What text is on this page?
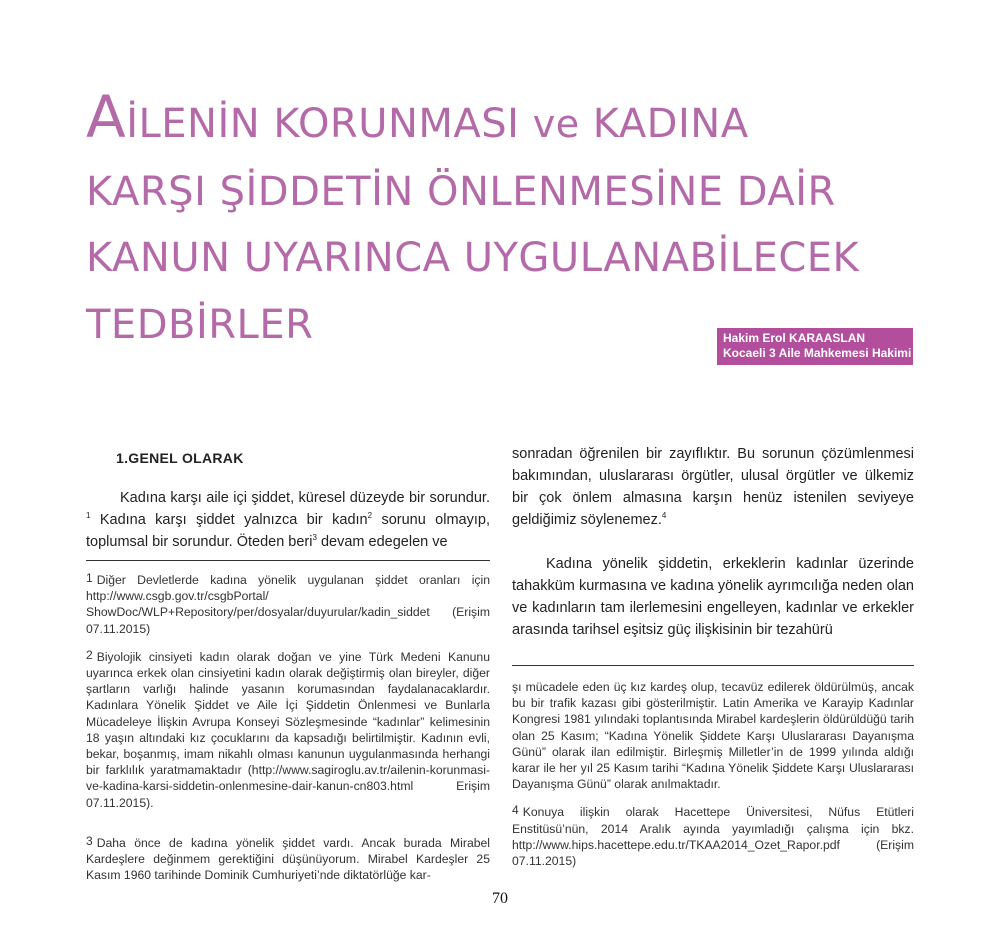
AİLENİN KORUNMASI ve KADINA
KARŞI ŞİDDETİN ÖNLENMESİNE DAİR
KANUN UYARINCA UYGULANABİLECEK
TEDBİRLER	Hakim Erol KARAASLAN
Kocaeli 3 Aile Mahkemesi Hakimi
1.GENEL OLARAK

Kadına karşı aile içi şiddet, küresel düzeyde bir sorundur. $^1$ Kadına karşı şiddet yalnızca bir kadın$^2$ sorunu olmayıp, toplumsal bir sorundur. Öteden beri$^3$ devam edegelen ve

1 Diğer Devletlerde kadına yönelik uygulanan şiddet oranları için http://www.csgb.gov.tr/csgbPortal/ ShowDoc/WLP+Repository/per/dosyalar/duyurular/kadin_siddet (Erişim 07.11.2015)

2 Biyolojik cinsiyeti kadın olarak doğan ve yine Türk Medeni Kanunu uyarınca erkek olan cinsiyetini kadın olarak değiştirmiş olan bireyler, diğer şartların varlığı halinde yasanın korumasından faydalanacaklardır. Kadınlara Yönelik Şiddet ve Aile İçi Şiddetin Önlenmesi ve Bunlarla Mücadeleye İlişkin Avrupa Konseyi Sözleşmesinde “kadınlar” kelimesinin 18 yaşın altındaki kız çocuklarını da kapsadığı belirtilmiştir. Kadının evli, bekar, boşanmış, imam nikahlı olması kanunun uygulanmasında herhangi bir farklılık yaratmamaktadır (http://www.sagiroglu.av.tr/ailenin-korunmasi-ve-kadina-karsi-siddetin-onlenmesine-dair-kanun-cn803.html Erişim 07.11.2015).

3 Daha önce de kadına yönelik şiddet vardı. Ancak burada Mirabel Kardeşlere değinmem gerektiğini düşünüyorum. Mirabel Kardeşler 25 Kasım 1960 tarihinde Dominik Cumhuriyeti’nde diktatörlüğe kar-

sonradan öğrenilen bir zayıflıktır. Bu sorunun çözümlenmesi bakımından, uluslararası örgütler, ulusal örgütler ve ülkemiz bir çok önlem almasına karşın henüz istenilen seviyeye geldiğimiz söylenemez.$^4$

Kadına yönelik şiddetin, erkeklerin kadınlar üzerinde tahakküm kurmasına ve kadına yönelik ayrımcılığa neden olan ve kadınların tam ilerlemesini engelleyen, kadınlar ve erkekler arasında tarihsel eşitsiz güç ilişkisinin bir tezahürü

şı mücadele eden üç kız kardeş olup, tecavüz edilerek öldürülmüş, ancak bu bir trafik kazası gibi gösterilmiştir. Latin Amerika ve Karayip Kadınlar Kongresi 1981 yılındaki toplantısında Mirabel kardeşlerin öldürüldüğü tarih olan 25 Kasım; “Kadına Yönelik Şiddete Karşı Uluslararası Dayanışma Günü” olarak ilan edilmiştir. Birleşmiş Milletler’in de 1999 yılında aldığı karar ile her yıl 25 Kasım tarihi “Kadına Yönelik Şiddete Karşı Uluslararası Dayanışma Günü” olarak anılmaktadır.

4 Konuya ilişkin olarak Hacettepe Üniversitesi, Nüfus Etütleri Enstitüsü’nün, 2014 Aralık ayında yayımladığı çalışma için bkz. http://www.hips.hacettepe.edu.tr/TKAA2014_Ozet_Rapor.pdf (Erişim 07.11.2015)

70
